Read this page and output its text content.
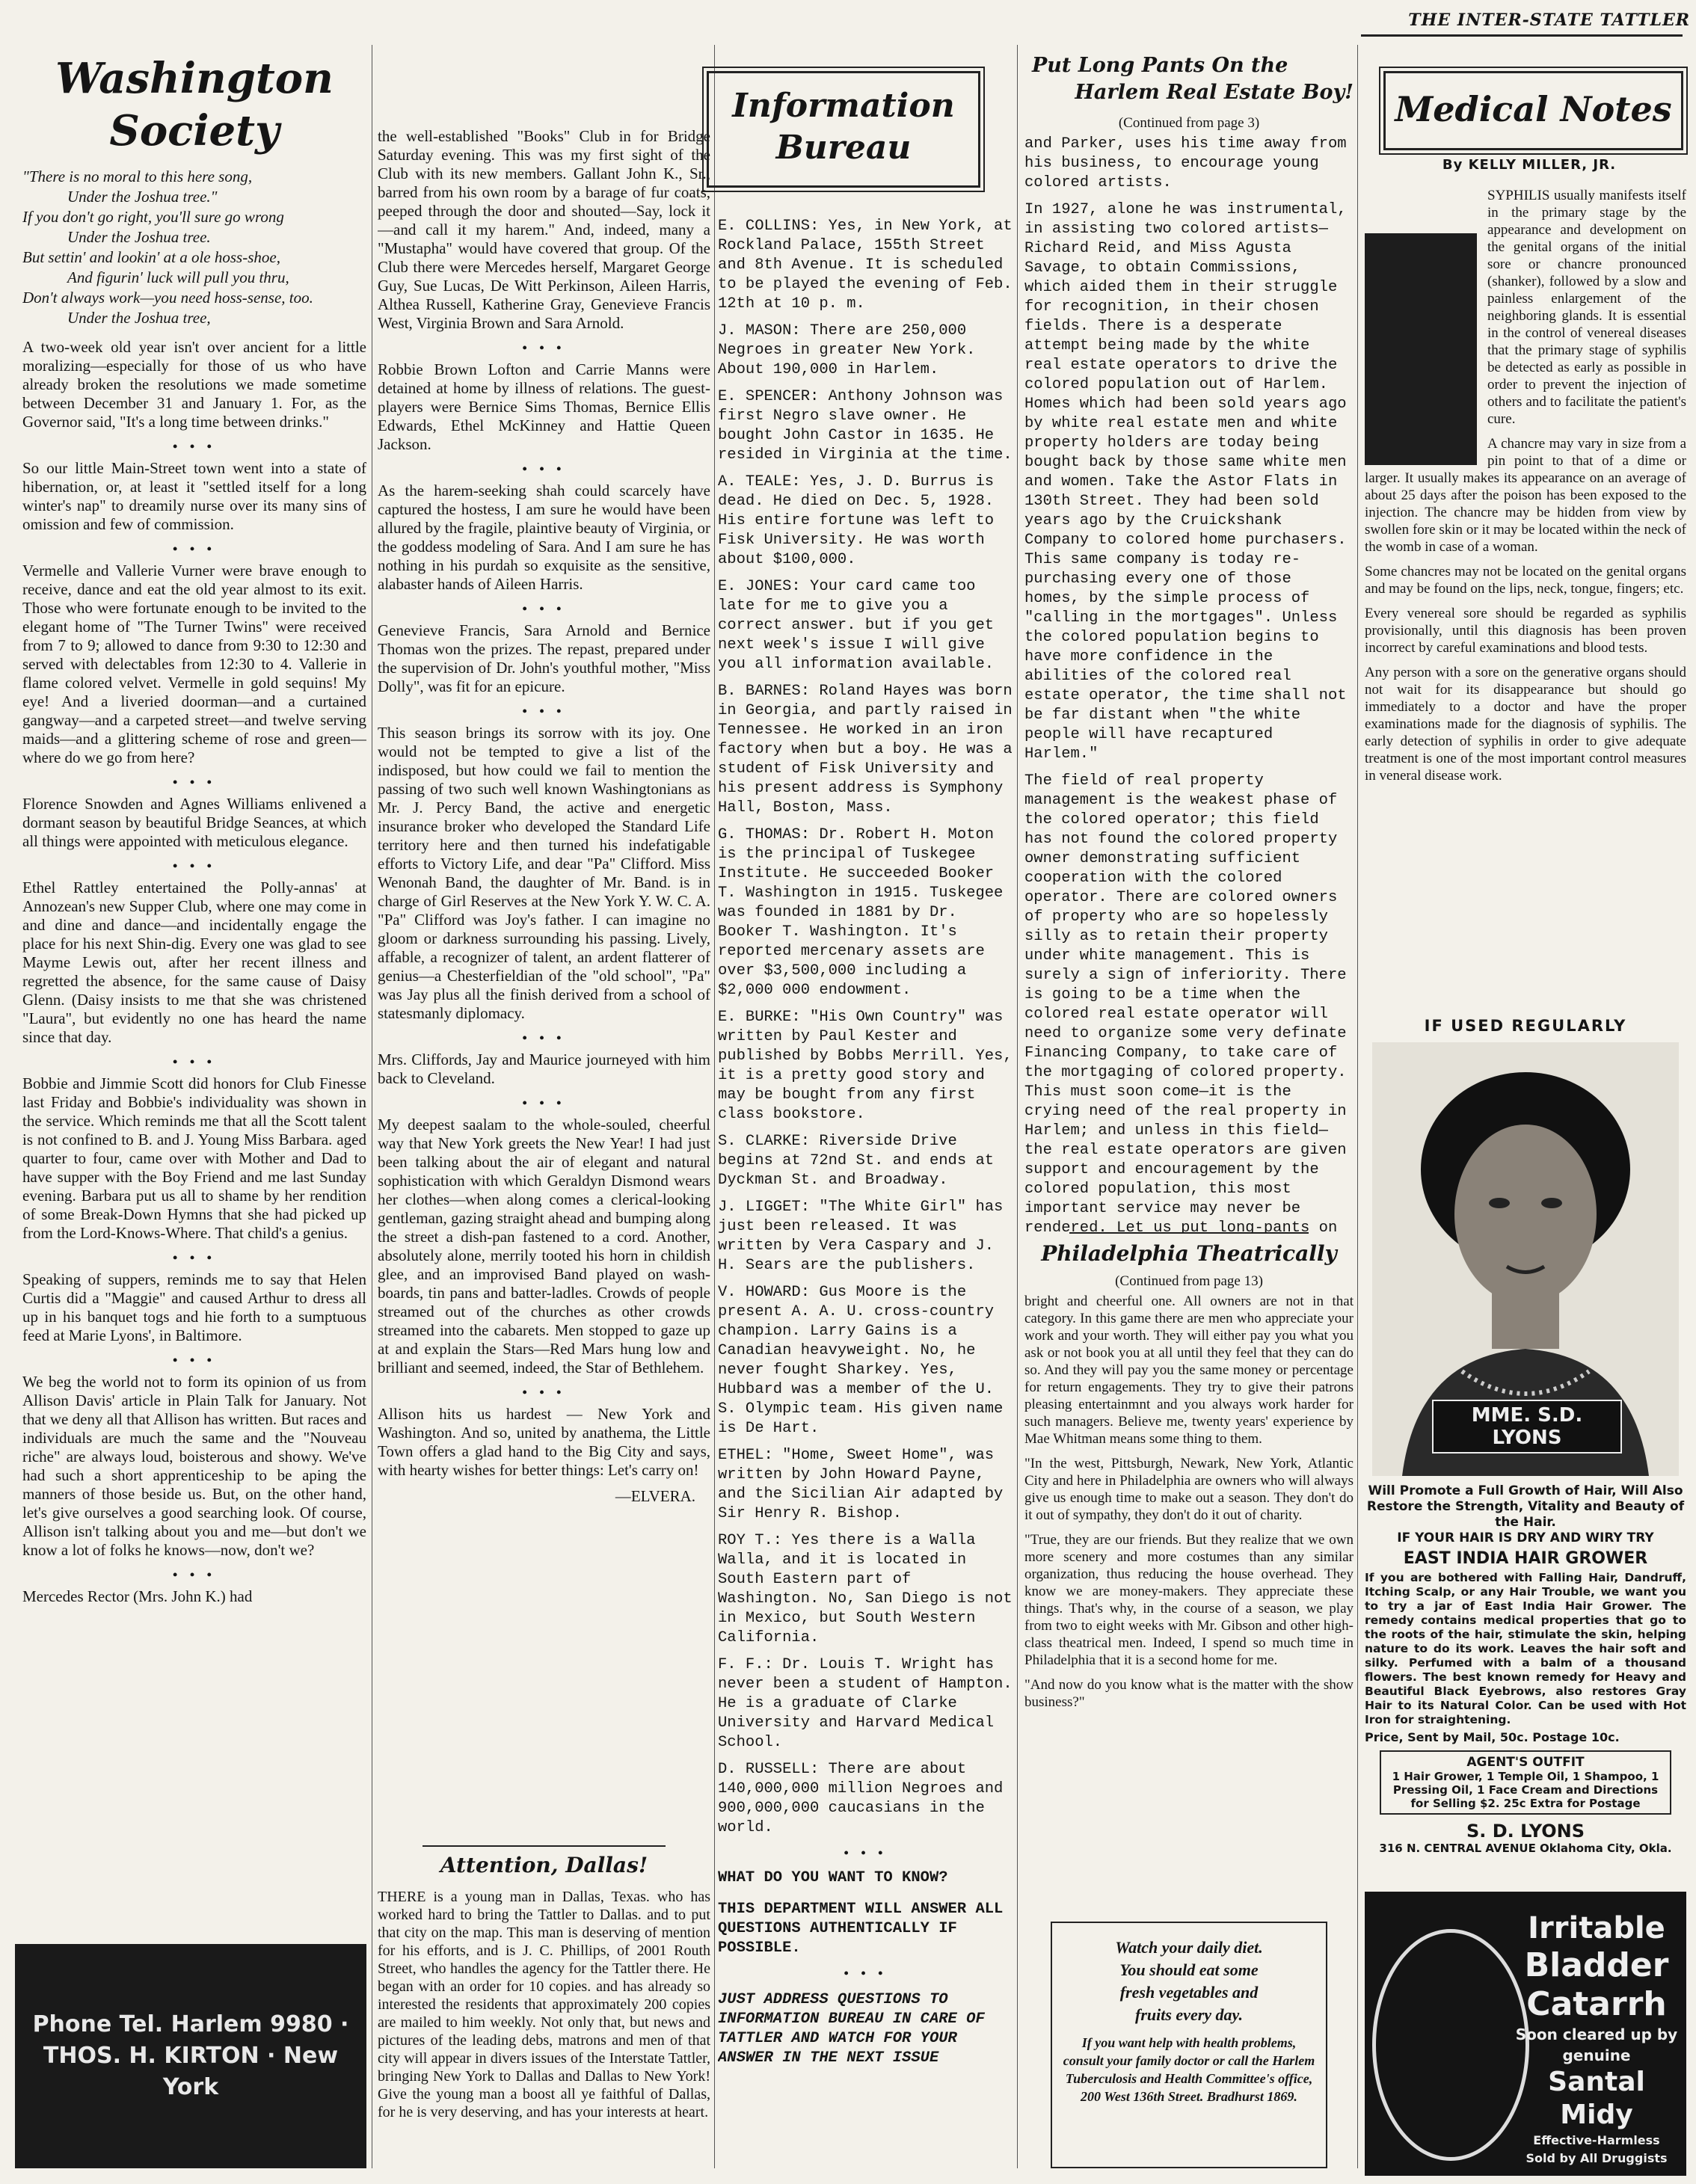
THE INTER-STATE TATTLER
Washington Society

"There is no moral to this here song,

Under the Joshua tree."

If you don't go right, you'll sure go wrong

Under the Joshua tree.

But settin' and lookin' at a ole hoss-shoe,

And figurin' luck will pull you thru,

Don't always work—you need hoss-sense, too.

Under the Joshua tree,

A two-week old year isn't over ancient for a little moralizing—especially for those of us who have already broken the resolutions we made sometime between December 31 and January 1. For, as the Governor said, "It's a long time between drinks."

• • •

So our little Main-Street town went into a state of hibernation, or, at least it "settled itself for a long winter's nap" to dreamily nurse over its many sins of omission and few of commission.

• • •

Vermelle and Vallerie Vurner were brave enough to receive, dance and eat the old year almost to its exit. Those who were fortunate enough to be invited to the elegant home of "The Turner Twins" were received from 7 to 9; allowed to dance from 9:30 to 12:30 and served with delectables from 12:30 to 4. Vallerie in flame colored velvet. Vermelle in gold sequins! My eye! And a liveried doorman—and a curtained gangway—and a carpeted street—and twelve serving maids—and a glittering scheme of rose and green—where do we go from here?

• • •

Florence Snowden and Agnes Williams enlivened a dormant season by beautiful Bridge Seances, at which all things were appointed with meticulous elegance.

• • •

Ethel Rattley entertained the Polly-annas' at Annozean's new Supper Club, where one may come in and dine and dance—and incidentally engage the place for his next Shin-dig. Every one was glad to see Mayme Lewis out, after her recent illness and regretted the absence, for the same cause of Daisy Glenn. (Daisy insists to me that she was christened "Laura", but evidently no one has heard the name since that day.

• • •

Bobbie and Jimmie Scott did honors for Club Finesse last Friday and Bobbie's individuality was shown in the service. Which reminds me that all the Scott talent is not confined to B. and J. Young Miss Barbara. aged quarter to four, came over with Mother and Dad to have supper with the Boy Friend and me last Sunday evening. Barbara put us all to shame by her rendition of some Break-Down Hymns that she had picked up from the Lord-Knows-Where. That child's a genius.

• • •

Speaking of suppers, reminds me to say that Helen Curtis did a "Maggie" and caused Arthur to dress all up in his banquet togs and hie forth to a sumptuous feed at Marie Lyons', in Baltimore.

• • •

We beg the world not to form its opinion of us from Allison Davis' article in Plain Talk for January. Not that we deny all that Allison has written. But races and individuals are much the same and the "Nouveau riche" are always loud, boisterous and showy. We've had such a short apprenticeship to be aping the manners of those beside us. But, on the other hand, let's give ourselves a good searching look. Of course, Allison isn't talking about you and me—but don't we know a lot of folks he knows—now, don't we?

• • •

Mercedes Rector (Mrs. John K.) had

Phone Tel. Harlem 9980 · THOS. H. KIRTON · New York

the well-established "Books" Club in for Bridge Saturday evening. This was my first sight of the Club with its new members. Gallant John K., Sr., barred from his own room by a barage of fur coats, peeped through the door and shouted—Say, lock it—and call it my harem." And, indeed, many a "Mustapha" would have covered that group. Of the Club there were Mercedes herself, Margaret George Guy, Sue Lucas, De Witt Perkinson, Aileen Harris, Althea Russell, Katherine Gray, Genevieve Francis West, Virginia Brown and Sara Arnold.

• • •

Robbie Brown Lofton and Carrie Manns were detained at home by illness of relations. The guest-players were Bernice Sims Thomas, Bernice Ellis Edwards, Ethel McKinney and Hattie Queen Jackson.

• • •

As the harem-seeking shah could scarcely have captured the hostess, I am sure he would have been allured by the fragile, plaintive beauty of Virginia, or the goddess modeling of Sara. And I am sure he has nothing in his purdah so exquisite as the sensitive, alabaster hands of Aileen Harris.

• • •

Genevieve Francis, Sara Arnold and Bernice Thomas won the prizes. The repast, prepared under the supervision of Dr. John's youthful mother, "Miss Dolly", was fit for an epicure.

• • •

This season brings its sorrow with its joy. One would not be tempted to give a list of the indisposed, but how could we fail to mention the passing of two such well known Washingtonians as Mr. J. Percy Band, the active and energetic insurance broker who developed the Standard Life territory here and then turned his indefatigable efforts to Victory Life, and dear "Pa" Clifford. Miss Wenonah Band, the daughter of Mr. Band. is in charge of Girl Reserves at the New York Y. W. C. A. "Pa" Clifford was Joy's father. I can imagine no gloom or darkness surrounding his passing. Lively, affable, a recognizer of talent, an ardent flatterer of genius—a Chesterfieldian of the "old school", "Pa" was Jay plus all the finish derived from a school of statesmanly diplomacy.

• • •

Mrs. Cliffords, Jay and Maurice journeyed with him back to Cleveland.

• • •

My deepest saalam to the whole-souled, cheerful way that New York greets the New Year! I had just been talking about the air of elegant and natural sophistication with which Geraldyn Dismond wears her clothes—when along comes a clerical-looking gentleman, gazing straight ahead and bumping along the street a dish-pan fastened to a cord. Another, absolutely alone, merrily tooted his horn in childish glee, and an improvised Band played on wash-boards, tin pans and batter-ladles. Crowds of people streamed out of the churches as other crowds streamed into the cabarets. Men stopped to gaze up at and explain the Stars—Red Mars hung low and brilliant and seemed, indeed, the Star of Bethlehem.

• • •

Allison hits us hardest — New York and Washington. And so, united by anathema, the Little Town offers a glad hand to the Big City and says, with hearty wishes for better things: Let's carry on!

—ELVERA.
Attention, Dallas!

THERE is a young man in Dallas, Texas. who has worked hard to bring the Tattler to Dallas. and to put that city on the map. This man is deserving of mention for his efforts, and is J. C. Phillips, of 2001 Routh Street, who handles the agency for the Tattler there. He began with an order for 10 copies. and has already so interested the residents that approximately 200 copies are mailed to him weekly. Not only that, but news and pictures of the leading debs, matrons and men of that city will appear in divers issues of the Interstate Tattler, bringing New York to Dallas and Dallas to New York! Give the young man a boost all ye faithful of Dallas, for he is very deserving, and has your interests at heart.

Information
Bureau

E. COLLINS: Yes, in New York, at Rockland Palace, 155th Street and 8th Avenue. It is scheduled to be played the evening of Feb. 12th at 10 p. m.

J. MASON: There are 250,000 Negroes in greater New York. About 190,000 in Harlem.

E. SPENCER: Anthony Johnson was first Negro slave owner. He bought John Castor in 1635. He resided in Virginia at the time.

A. TEALE: Yes, J. D. Burrus is dead. He died on Dec. 5, 1928. His entire fortune was left to Fisk University. He was worth about $100,000.

E. JONES: Your card came too late for me to give you a correct answer. but if you get next week's issue I will give you all information available.

B. BARNES: Roland Hayes was born in Georgia, and partly raised in Tennessee. He worked in an iron factory when but a boy. He was a student of Fisk University and his present address is Symphony Hall, Boston, Mass.

G. THOMAS: Dr. Robert H. Moton is the principal of Tuskegee Institute. He succeeded Booker T. Washington in 1915. Tuskegee was founded in 1881 by Dr. Booker T. Washington. It's reported mercenary assets are over $3,500,000 including a $2,000 000 endowment.

E. BURKE: "His Own Country" was written by Paul Kester and published by Bobbs Merrill. Yes, it is a pretty good story and may be bought from any first class bookstore.

S. CLARKE: Riverside Drive begins at 72nd St. and ends at Dyckman St. and Broadway.

J. LIGGET: "The White Girl" has just been released. It was written by Vera Caspary and J. H. Sears are the publishers.

V. HOWARD: Gus Moore is the present A. A. U. cross-country champion. Larry Gains is a Canadian heavyweight. No, he never fought Sharkey. Yes, Hubbard was a member of the U. S. Olympic team. His given name is De Hart.

ETHEL: "Home, Sweet Home", was written by John Howard Payne, and the Sicilian Air adapted by Sir Henry R. Bishop.

ROY T.: Yes there is a Walla Walla, and it is located in South Eastern part of Washington. No, San Diego is not in Mexico, but South Western California.

F. F.: Dr. Louis T. Wright has never been a student of Hampton. He is a graduate of Clarke University and Harvard Medical School.

D. RUSSELL: There are about 140,000,000 million Negroes and 900,000,000 caucasians in the world.

• • •

WHAT DO YOU WANT TO KNOW?

THIS DEPARTMENT WILL ANSWER ALL QUESTIONS AUTHENTICALLY IF POSSIBLE.

• • •

JUST ADDRESS QUESTIONS TO INFORMATION BUREAU IN CARE OF TATTLER AND WATCH FOR YOUR ANSWER IN THE NEXT ISSUE

Put Long Pants On the
Harlem Real Estate Boy!
(Continued from page 3)

and Parker, uses his time away from his business, to encourage young colored artists.

In 1927, alone he was instrumental, in assisting two colored artists—Richard Reid, and Miss Agusta Savage, to obtain Commissions, which aided them in their struggle for recognition, in their chosen fields. There is a desperate attempt being made by the white real estate operators to drive the colored population out of Harlem. Homes which had been sold years ago by white real estate men and white property holders are today being bought back by those same white men and women. Take the Astor Flats in 130th Street. They had been sold years ago by the Cruickshank Company to colored home purchasers. This same company is today re-purchasing every one of those homes, by the simple process of "calling in the mortgages". Unless the colored population begins to have more confidence in the abilities of the colored real estate operator, the time shall not be far distant when "the white people will have recaptured Harlem."

The field of real property management is the weakest phase of the colored operator; this field has not found the colored property owner demonstrating sufficient cooperation with the colored operator. There are colored owners of property who are so hopelessly silly as to retain their property under white management. This is surely a sign of inferiority. There is going to be a time when the colored real estate operator will need to organize some very definate Financing Company, to take care of the mortgaging of colored property. This must soon come—it is the crying need of the real property in Harlem; and unless in this field—the real estate operators are given support and encouragement by the colored population, this most important service may never be rendered. Let us put long-pants on

Philadelphia Theatrically
(Continued from page 13)

bright and cheerful one. All owners are not in that category. In this game there are men who appreciate your work and your worth. They will either pay you what you ask or not book you at all until they feel that they can do so. And they will pay you the same money or percentage for return engagements. They try to give their patrons pleasing entertainmnt and you always work harder for such managers. Believe me, twenty years' experience by Mae Whitman means some thing to them.

"In the west, Pittsburgh, Newark, New York, Atlantic City and here in Philadelphia are owners who will always give us enough time to make out a season. They don't do it out of sympathy, they don't do it out of charity.

"True, they are our friends. But they realize that we own more scenery and more costumes than any similar organization, thus reducing the house overhead. They know we are money-makers. They appreciate these things. That's why, in the course of a season, we play from two to eight weeks with Mr. Gibson and other high-class theatrical men. Indeed, I spend so much time in Philadelphia that it is a second home for me.

"And now do you know what is the matter with the show business?"

Watch your daily diet.
You should eat some
fresh vegetables and
fruits every day.
If you want help with health problems, consult your family doctor or call the Harlem Tuberculosis and Health Committee's office, 200 West 136th Street. Bradhurst 1869.
Medical Notes
By KELLY MILLER, JR.

SYPHILIS usually manifests itself in the primary stage by the appearance and development on the genital organs of the initial sore or chancre pronounced (shanker), followed by a slow and painless enlargement of the neighboring glands. It is essential in the control of venereal diseases that the primary stage of syphilis be detected as early as possible in order to prevent the injection of others and to facilitate the patient's cure.

A chancre may vary in size from a pin point to that of a dime or larger. It usually makes its appearance on an average of about 25 days after the poison has been exposed to the injection. The chancre may be hidden from view by swollen fore skin or it may be located within the neck of the womb in case of a woman.

Some chancres may not be located on the genital organs and may be found on the lips, neck, tongue, fingers; etc.

Every venereal sore should be regarded as syphilis provisionally, until this diagnosis has been proven incorrect by careful examinations and blood tests.

Any person with a sore on the generative organs should not wait for its disappearance but should go immediately to a doctor and have the proper examinations made for the diagnosis of syphilis. The early detection of syphilis in order to give adequate treatment is one of the most important control measures in veneral disease work.

IF USED REGULARLY
MME. S.D. LYONS
Will Promote a Full Growth of Hair, Will Also Restore the Strength, Vitality and Beauty of the Hair.
IF YOUR HAIR IS DRY AND WIRY TRY
EAST INDIA HAIR GROWER
If you are bothered with Falling Hair, Dandruff, Itching Scalp, or any Hair Trouble, we want you to try a jar of East India Hair Grower. The remedy contains medical properties that go to the roots of the hair, stimulate the skin, helping nature to do its work. Leaves the hair soft and silky. Perfumed with a balm of a thousand flowers. The best known remedy for Heavy and Beautiful Black Eyebrows, also restores Gray Hair to its Natural Color. Can be used with Hot Iron for straightening.
Price, Sent by Mail, 50c. Postage 10c.
AGENT'S OUTFIT
1 Hair Grower, 1 Temple Oil, 1 Shampoo, 1 Pressing Oil, 1 Face Cream and Directions for Selling $2. 25c Extra for Postage
S. D. LYONS
316 N. CENTRAL AVENUE Oklahoma City, Okla.
Irritable
Bladder
Catarrh
Soon cleared up by genuine
Santal Midy
Effective-Harmless
Sold by All Druggists
